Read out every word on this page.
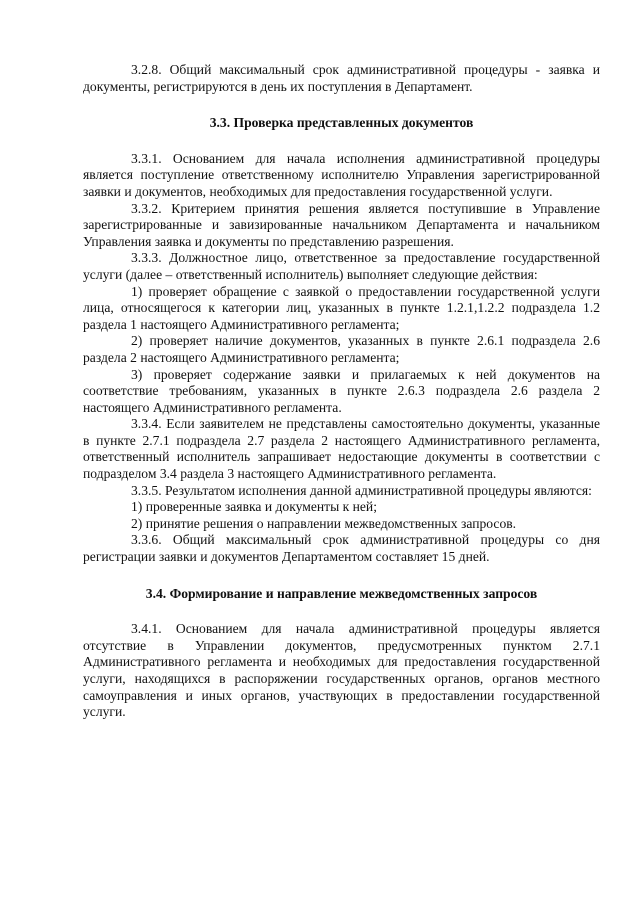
3.2.8. Общий максимальный срок административной процедуры - заявка и документы, регистрируются в день их поступления в Департамент.

3.3. Проверка представленных документов

3.3.1. Основанием для начала исполнения административной процедуры является поступление ответственному исполнителю Управления зарегистрированной заявки и документов, необходимых для предоставления государственной услуги.

3.3.2. Критерием принятия решения является поступившие в Управление зарегистрированные и завизированные начальником Департамента и начальником Управления заявка и документы по представлению разрешения.

3.3.3. Должностное лицо, ответственное за предоставление государственной услуги (далее – ответственный исполнитель) выполняет следующие действия:

1) проверяет обращение с заявкой о предоставлении государственной услуги лица, относящегося к категории лиц, указанных в пункте 1.2.1,1.2.2 подраздела 1.2 раздела 1 настоящего Административного регламента;

2) проверяет наличие документов, указанных в пункте 2.6.1 подраздела 2.6 раздела 2 настоящего Административного регламента;

3) проверяет содержание заявки и прилагаемых к ней документов на соответствие требованиям, указанных в пункте 2.6.3 подраздела 2.6 раздела 2 настоящего Административного регламента.

3.3.4. Если заявителем не представлены самостоятельно документы, указанные в пункте 2.7.1 подраздела 2.7 раздела 2 настоящего Административного регламента, ответственный исполнитель запрашивает недостающие документы в соответствии с подразделом 3.4 раздела 3 настоящего Административного регламента.

3.3.5. Результатом исполнения данной административной процедуры являются:

1) проверенные заявка и документы к ней;

2) принятие решения о направлении межведомственных запросов.

3.3.6. Общий максимальный срок административной процедуры со дня регистрации заявки и документов Департаментом составляет 15 дней.

3.4. Формирование и направление межведомственных запросов

3.4.1. Основанием для начала административной процедуры является отсутствие в Управлении документов, предусмотренных пунктом 2.7.1 Административного регламента и необходимых для предоставления государственной услуги, находящихся в распоряжении государственных органов, органов местного самоуправления и иных органов, участвующих в предоставлении государственной услуги.
